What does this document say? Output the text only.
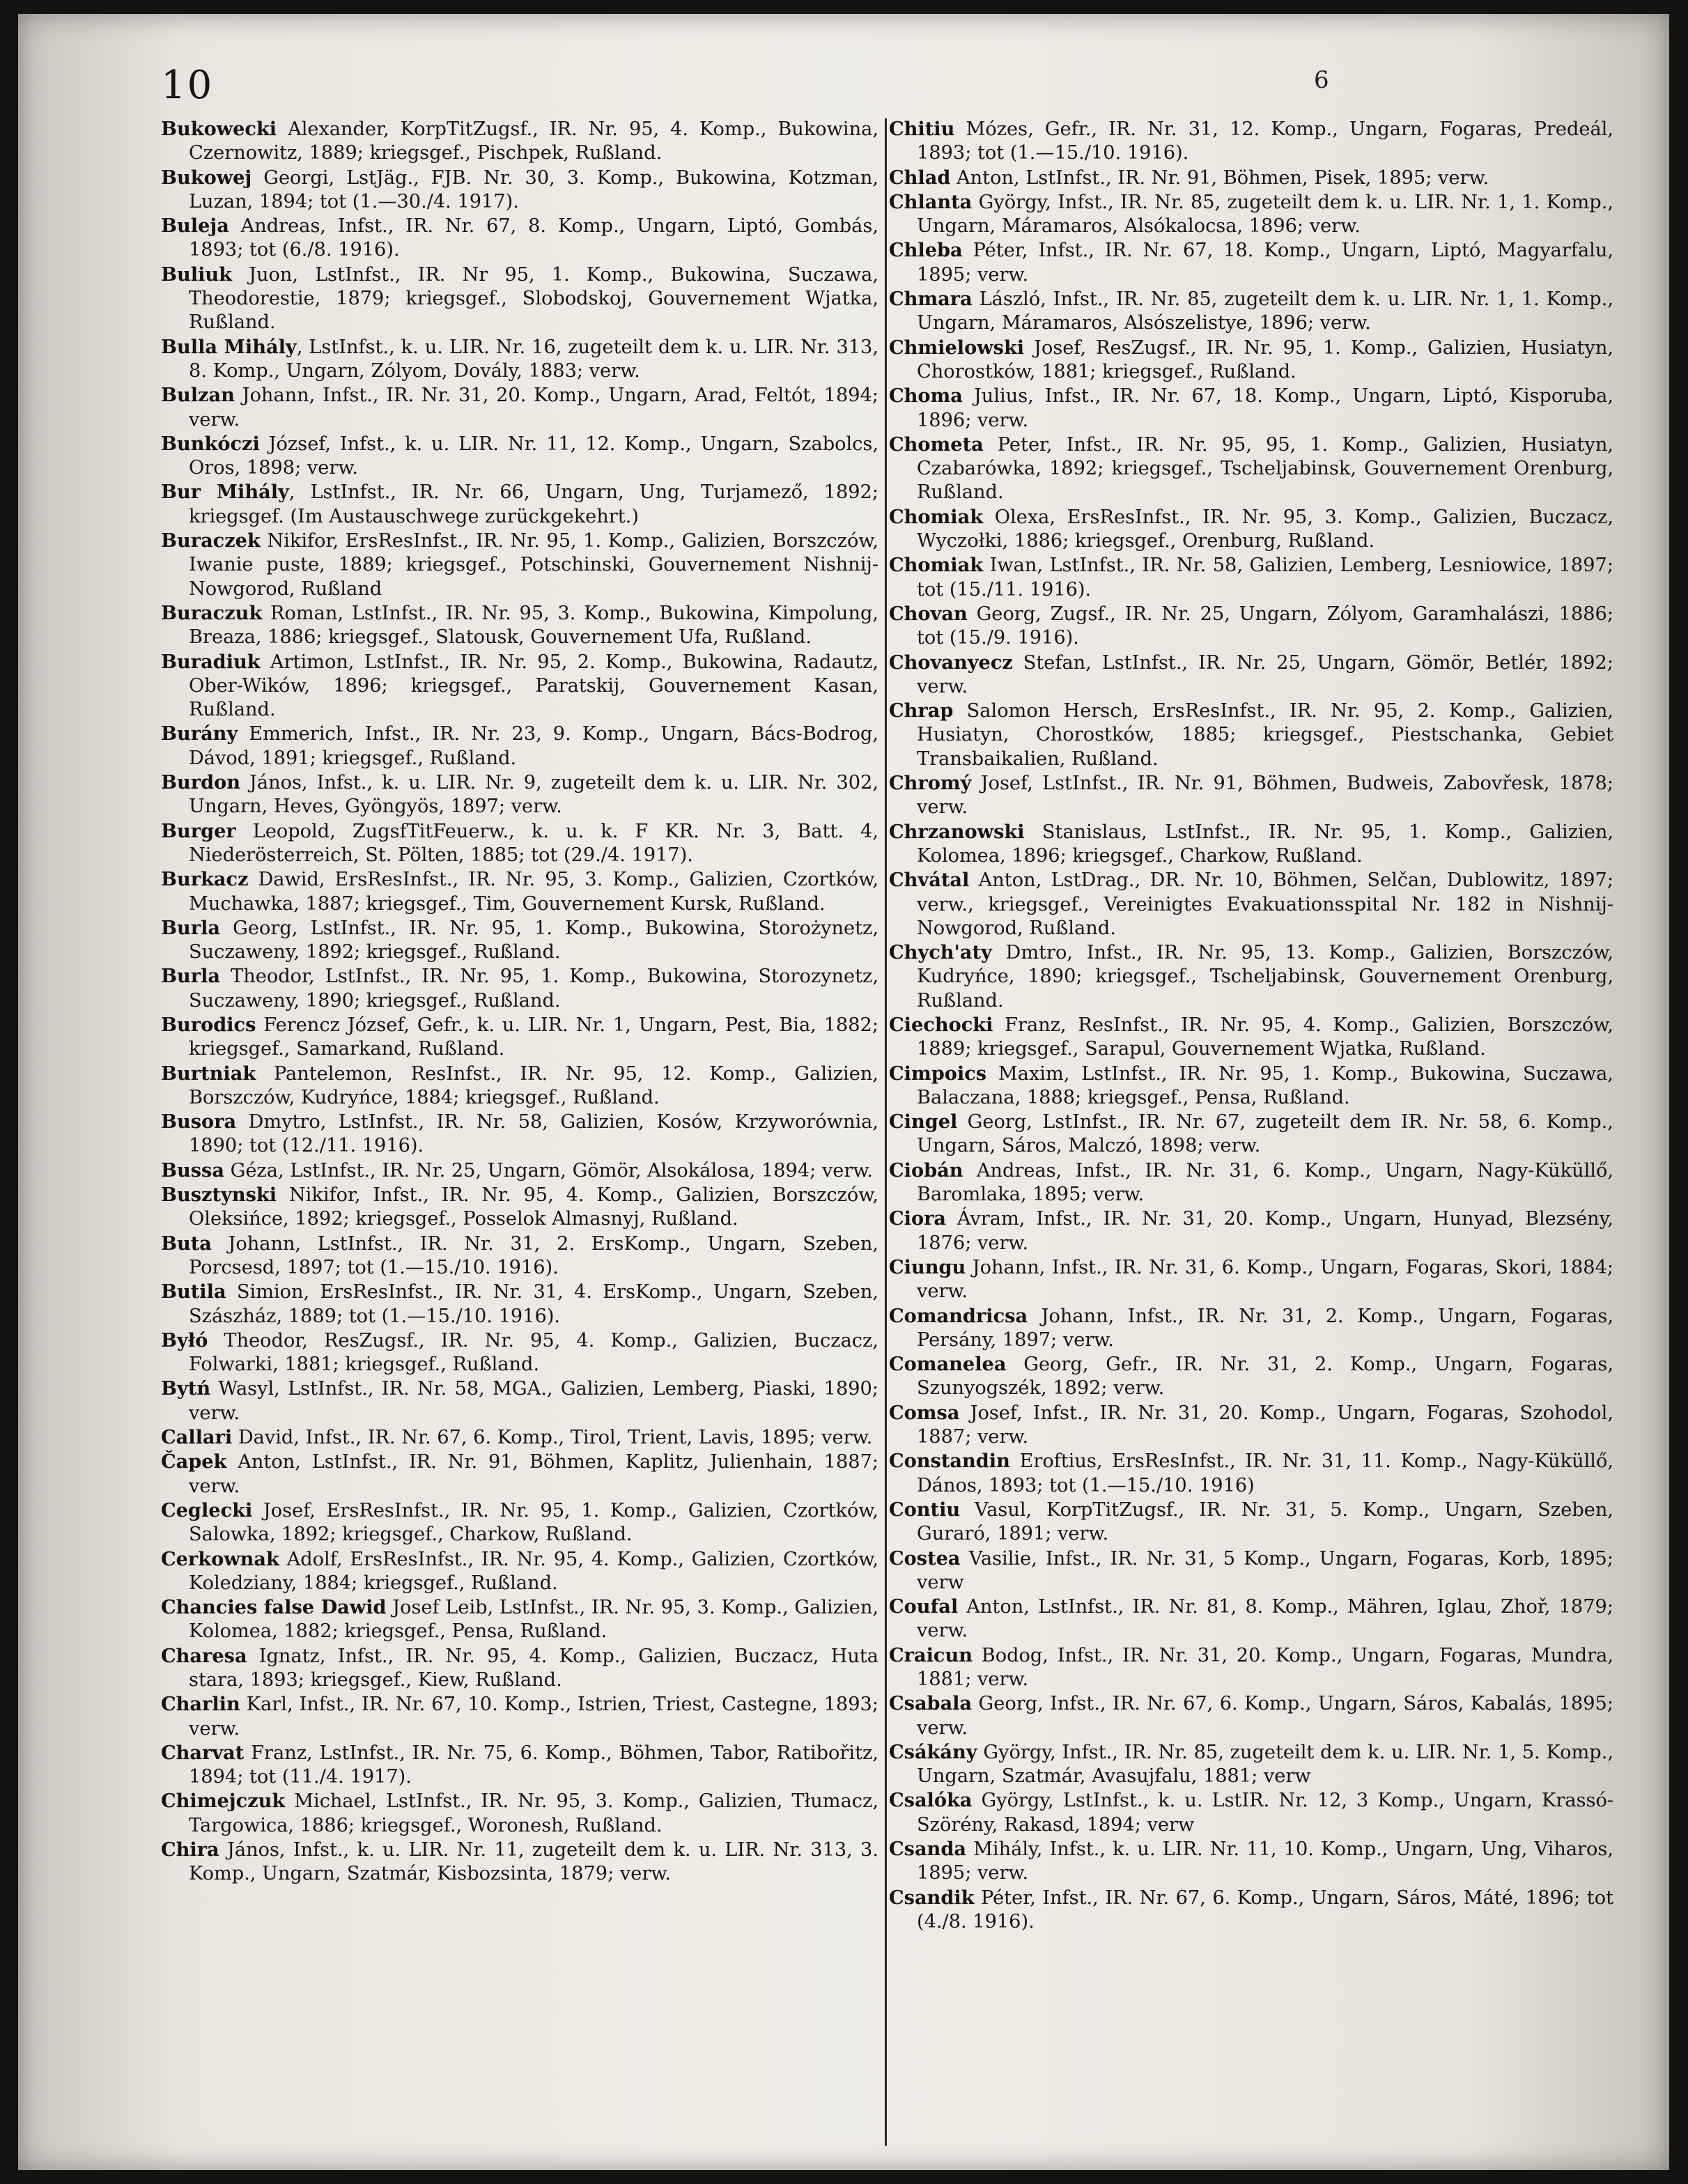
10	6
Bukowecki Alexander, KorpTitZugsf., IR. Nr. 95, 4. Komp., Bukowina, Czernowitz, 1889; kriegsgef., Pischpek, Rußland.
Bukowej Georgi, LstJäg., FJB. Nr. 30, 3. Komp., Bukowina, Kotzman, Luzan, 1894; tot (1.—30./4. 1917).
Buleja Andreas, Infst., IR. Nr. 67, 8. Komp., Ungarn, Liptó, Gombás, 1893; tot (6./8. 1916).
Buliuk Juon, LstInfst., IR. Nr 95, 1. Komp., Bukowina, Suczawa, Theodorestie, 1879; kriegsgef., Slobodskoj, Gouvernement Wjatka, Rußland.
Bulla Mihály, LstInfst., k. u. LIR. Nr. 16, zugeteilt dem k. u. LIR. Nr. 313, 8. Komp., Ungarn, Zólyom, Dovály, 1883; verw.
Bulzan Johann, Infst., IR. Nr. 31, 20. Komp., Ungarn, Arad, Feltót, 1894; verw.
Bunkóczi József, Infst., k. u. LIR. Nr. 11, 12. Komp., Ungarn, Szabolcs, Oros, 1898; verw.
Bur Mihály, LstInfst., IR. Nr. 66, Ungarn, Ung, Turjamező, 1892; kriegsgef. (Im Austauschwege zurückgekehrt.)
Buraczek Nikifor, ErsResInfst., IR. Nr. 95, 1. Komp., Galizien, Borszczów, Iwanie puste, 1889; kriegsgef., Potschinski, Gouvernement Nishnij-Nowgorod, Rußland
Buraczuk Roman, LstInfst., IR. Nr. 95, 3. Komp., Bukowina, Kimpolung, Breaza, 1886; kriegsgef., Slatousk, Gouvernement Ufa, Rußland.
Buradiuk Artimon, LstInfst., IR. Nr. 95, 2. Komp., Bukowina, Radautz, Ober-Wików, 1896; kriegsgef., Paratskij, Gouvernement Kasan, Rußland.
Burány Emmerich, Infst., IR. Nr. 23, 9. Komp., Ungarn, Bács-Bodrog, Dávod, 1891; kriegsgef., Rußland.
Burdon János, Infst., k. u. LIR. Nr. 9, zugeteilt dem k. u. LIR. Nr. 302, Ungarn, Heves, Gyöngyös, 1897; verw.
Burger Leopold, ZugsfTitFeuerw., k. u. k. F KR. Nr. 3, Batt. 4, Niederösterreich, St. Pölten, 1885; tot (29./4. 1917).
Burkacz Dawid, ErsResInfst., IR. Nr. 95, 3. Komp., Galizien, Czortków, Muchawka, 1887; kriegsgef., Tim, Gouvernement Kursk, Rußland.
Burla Georg, LstInfst., IR. Nr. 95, 1. Komp., Bukowina, Storożynetz, Suczaweny, 1892; kriegsgef., Rußland.
Burla Theodor, LstInfst., IR. Nr. 95, 1. Komp., Bukowina, Storozynetz, Suczaweny, 1890; kriegsgef., Rußland.
Burodics Ferencz József, Gefr., k. u. LIR. Nr. 1, Ungarn, Pest, Bia, 1882; kriegsgef., Samarkand, Rußland.
Burtniak Pantelemon, ResInfst., IR. Nr. 95, 12. Komp., Galizien, Borszczów, Kudryńce, 1884; kriegsgef., Rußland.
Busora Dmytro, LstInfst., IR. Nr. 58, Galizien, Kosów, Krzyworównia, 1890; tot (12./11. 1916).
Bussa Géza, LstInfst., IR. Nr. 25, Ungarn, Gömör, Alsokálosa, 1894; verw.
Busztynski Nikifor, Infst., IR. Nr. 95, 4. Komp., Galizien, Borszczów, Oleksińce, 1892; kriegsgef., Posselok Almasnyj, Rußland.
Buta Johann, LstInfst., IR. Nr. 31, 2. ErsKomp., Ungarn, Szeben, Porcsesd, 1897; tot (1.—15./10. 1916).
Butila Simion, ErsResInfst., IR. Nr. 31, 4. ErsKomp., Ungarn, Szeben, Szászház, 1889; tot (1.—15./10. 1916).
Byłó Theodor, ResZugsf., IR. Nr. 95, 4. Komp., Galizien, Buczacz, Folwarki, 1881; kriegsgef., Rußland.
Bytń Wasyl, LstInfst., IR. Nr. 58, MGA., Galizien, Lemberg, Piaski, 1890; verw.
Callari David, Infst., IR. Nr. 67, 6. Komp., Tirol, Trient, Lavis, 1895; verw.
Čapek Anton, LstInfst., IR. Nr. 91, Böhmen, Kaplitz, Julienhain, 1887; verw.
Ceglecki Josef, ErsResInfst., IR. Nr. 95, 1. Komp., Galizien, Czortków, Salowka, 1892; kriegsgef., Charkow, Rußland.
Cerkownak Adolf, ErsResInfst., IR. Nr. 95, 4. Komp., Galizien, Czortków, Koledziany, 1884; kriegsgef., Rußland.
Chancies false Dawid Josef Leib, LstInfst., IR. Nr. 95, 3. Komp., Galizien, Kolomea, 1882; kriegsgef., Pensa, Rußland.
Charesa Ignatz, Infst., IR. Nr. 95, 4. Komp., Galizien, Buczacz, Huta stara, 1893; kriegsgef., Kiew, Rußland.
Charlin Karl, Infst., IR. Nr. 67, 10. Komp., Istrien, Triest, Castegne, 1893; verw.
Charvat Franz, LstInfst., IR. Nr. 75, 6. Komp., Böhmen, Tabor, Ratibořitz, 1894; tot (11./4. 1917).
Chimejczuk Michael, LstInfst., IR. Nr. 95, 3. Komp., Galizien, Tłumacz, Targowica, 1886; kriegsgef., Woronesh, Rußland.
Chira János, Infst., k. u. LIR. Nr. 11, zugeteilt dem k. u. LIR. Nr. 313, 3. Komp., Ungarn, Szatmár, Kisbozsinta, 1879; verw.
Chitiu Mózes, Gefr., IR. Nr. 31, 12. Komp., Ungarn, Fogaras, Predeál, 1893; tot (1.—15./10. 1916).
Chlad Anton, LstInfst., IR. Nr. 91, Böhmen, Pisek, 1895; verw.
Chlanta György, Infst., IR. Nr. 85, zugeteilt dem k. u. LIR. Nr. 1, 1. Komp., Ungarn, Máramaros, Alsókalocsa, 1896; verw.
Chleba Péter, Infst., IR. Nr. 67, 18. Komp., Ungarn, Liptó, Magyarfalu, 1895; verw.
Chmara László, Infst., IR. Nr. 85, zugeteilt dem k. u. LIR. Nr. 1, 1. Komp., Ungarn, Máramaros, Alsószelistye, 1896; verw.
Chmielowski Josef, ResZugsf., IR. Nr. 95, 1. Komp., Galizien, Husiatyn, Chorostków, 1881; kriegsgef., Rußland.
Choma Julius, Infst., IR. Nr. 67, 18. Komp., Ungarn, Liptó, Kisporuba, 1896; verw.
Chometa Peter, Infst., IR. Nr. 95, 95, 1. Komp., Galizien, Husiatyn, Czabarówka, 1892; kriegsgef., Tscheljabinsk, Gouvernement Orenburg, Rußland.
Chomiak Olexa, ErsResInfst., IR. Nr. 95, 3. Komp., Galizien, Buczacz, Wyczołki, 1886; kriegsgef., Orenburg, Rußland.
Chomiak Iwan, LstInfst., IR. Nr. 58, Galizien, Lemberg, Lesniowice, 1897; tot (15./11. 1916).
Chovan Georg, Zugsf., IR. Nr. 25, Ungarn, Zólyom, Garamhalászi, 1886; tot (15./9. 1916).
Chovanyecz Stefan, LstInfst., IR. Nr. 25, Ungarn, Gömör, Betlér, 1892; verw.
Chrap Salomon Hersch, ErsResInfst., IR. Nr. 95, 2. Komp., Galizien, Husiatyn, Chorostków, 1885; kriegsgef., Piestschanka, Gebiet Transbaikalien, Rußland.
Chromý Josef, LstInfst., IR. Nr. 91, Böhmen, Budweis, Zabovřesk, 1878; verw.
Chrzanowski Stanislaus, LstInfst., IR. Nr. 95, 1. Komp., Galizien, Kolomea, 1896; kriegsgef., Charkow, Rußland.
Chvátal Anton, LstDrag., DR. Nr. 10, Böhmen, Selčan, Dublowitz, 1897; verw., kriegsgef., Vereinigtes Evakuationsspital Nr. 182 in Nishnij-Nowgorod, Rußland.
Chych'aty Dmtro, Infst., IR. Nr. 95, 13. Komp., Galizien, Borszczów, Kudryńce, 1890; kriegsgef., Tscheljabinsk, Gouvernement Orenburg, Rußland.
Ciechocki Franz, ResInfst., IR. Nr. 95, 4. Komp., Galizien, Borszczów, 1889; kriegsgef., Sarapul, Gouvernement Wjatka, Rußland.
Cimpoics Maxim, LstInfst., IR. Nr. 95, 1. Komp., Bukowina, Suczawa, Balaczana, 1888; kriegsgef., Pensa, Rußland.
Cingel Georg, LstInfst., IR. Nr. 67, zugeteilt dem IR. Nr. 58, 6. Komp., Ungarn, Sáros, Malczó, 1898; verw.
Ciobán Andreas, Infst., IR. Nr. 31, 6. Komp., Ungarn, Nagy-Küküllő, Baromlaka, 1895; verw.
Ciora Ávram, Infst., IR. Nr. 31, 20. Komp., Ungarn, Hunyad, Blezsény, 1876; verw.
Ciungu Johann, Infst., IR. Nr. 31, 6. Komp., Ungarn, Fogaras, Skori, 1884; verw.
Comandricsa Johann, Infst., IR. Nr. 31, 2. Komp., Ungarn, Fogaras, Persány, 1897; verw.
Comanelea Georg, Gefr., IR. Nr. 31, 2. Komp., Ungarn, Fogaras, Szunyogszék, 1892; verw.
Comsa Josef, Infst., IR. Nr. 31, 20. Komp., Ungarn, Fogaras, Szohodol, 1887; verw.
Constandin Eroftius, ErsResInfst., IR. Nr. 31, 11. Komp., Nagy-Küküllő, Dános, 1893; tot (1.—15./10. 1916)
Contiu Vasul, KorpTitZugsf., IR. Nr. 31, 5. Komp., Ungarn, Szeben, Guraró, 1891; verw.
Costea Vasilie, Infst., IR. Nr. 31, 5 Komp., Ungarn, Fogaras, Korb, 1895; verw
Coufal Anton, LstInfst., IR. Nr. 81, 8. Komp., Mähren, Iglau, Zhoř, 1879; verw.
Craicun Bodog, Infst., IR. Nr. 31, 20. Komp., Ungarn, Fogaras, Mundra, 1881; verw.
Csabala Georg, Infst., IR. Nr. 67, 6. Komp., Ungarn, Sáros, Kabalás, 1895; verw.
Csákány György, Infst., IR. Nr. 85, zugeteilt dem k. u. LIR. Nr. 1, 5. Komp., Ungarn, Szatmár, Avasujfalu, 1881; verw
Csalóka György, LstInfst., k. u. LstIR. Nr. 12, 3 Komp., Ungarn, Krassó-Szörény, Rakasd, 1894; verw
Csanda Mihály, Infst., k. u. LIR. Nr. 11, 10. Komp., Ungarn, Ung, Viharos, 1895; verw.
Csandik Péter, Infst., IR. Nr. 67, 6. Komp., Ungarn, Sáros, Máté, 1896; tot (4./8. 1916).
